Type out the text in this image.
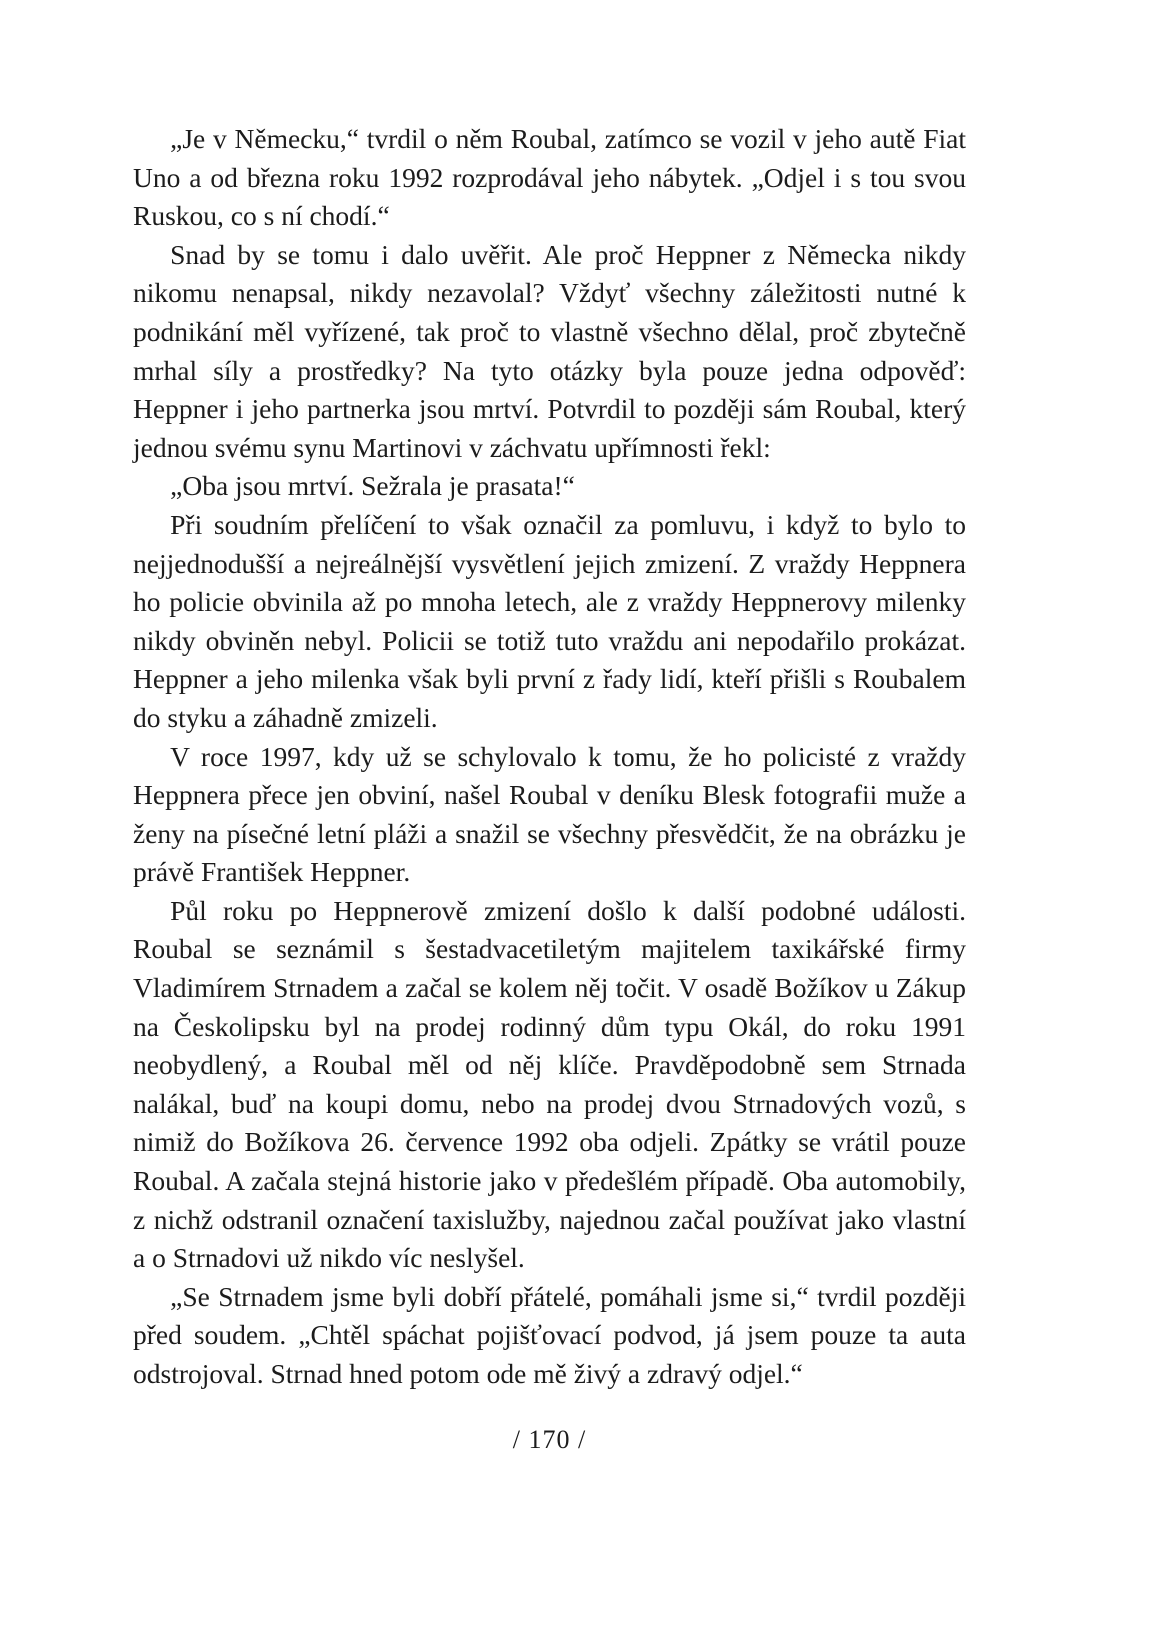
„Je v Německu,“ tvrdil o něm Roubal, zatímco se vozil v jeho autě Fiat Uno a od března roku 1992 rozprodával jeho nábytek. „Odjel i s tou svou Ruskou, co s ní chodí.“

Snad by se tomu i dalo uvěřit. Ale proč Heppner z Německa nikdy nikomu nenapsal, nikdy nezavolal? Vždyť všechny záležitosti nutné k podnikání měl vyřízené, tak proč to vlastně všechno dělal, proč zbytečně mrhal síly a prostředky? Na tyto otázky byla pouze jedna odpověď: Heppner i jeho partnerka jsou mrtví. Potvrdil to později sám Roubal, který jednou svému synu Martinovi v záchvatu upřímnosti řekl:

„Oba jsou mrtví. Sežrala je prasata!“

Při soudním přelíčení to však označil za pomluvu, i když to bylo to nejjednodušší a nejreálnější vysvětlení jejich zmizení. Z vraždy Heppnera ho policie obvinila až po mnoha letech, ale z vraždy Heppnerovy milenky nikdy obviněn nebyl. Policii se totiž tuto vraždu ani nepodařilo prokázat. Heppner a jeho milenka však byli první z řady lidí, kteří přišli s Roubalem do styku a záhadně zmizeli.

V roce 1997, kdy už se schylovalo k tomu, že ho policisté z vraždy Heppnera přece jen obviní, našel Roubal v deníku Blesk fotografii muže a ženy na písečné letní pláži a snažil se všechny přesvědčit, že na obrázku je právě František Heppner.

Půl roku po Heppnerově zmizení došlo k další podobné události. Roubal se seznámil s šestadvacetiletým majitelem taxikářské firmy Vladimírem Strnadem a začal se kolem něj točit. V osadě Božíkov u Zákup na Českolipsku byl na prodej rodinný dům typu Okál, do roku 1991 neobydlený, a Roubal měl od něj klíče. Pravděpodobně sem Strnada nalákal, buď na koupi domu, nebo na prodej dvou Strnadových vozů, s nimiž do Božíkova 26. července 1992 oba odjeli. Zpátky se vrátil pouze Roubal. A začala stejná historie jako v předešlém případě. Oba automobily, z nichž odstranil označení taxislužby, najednou začal používat jako vlastní a o Strnadovi už nikdo víc neslyšel.

„Se Strnadem jsme byli dobří přátelé, pomáhali jsme si,“ tvrdil později před soudem. „Chtěl spáchat pojišťovací podvod, já jsem pouze ta auta odstrojoval. Strnad hned potom ode mě živý a zdravý odjel.“

/ 170 /
